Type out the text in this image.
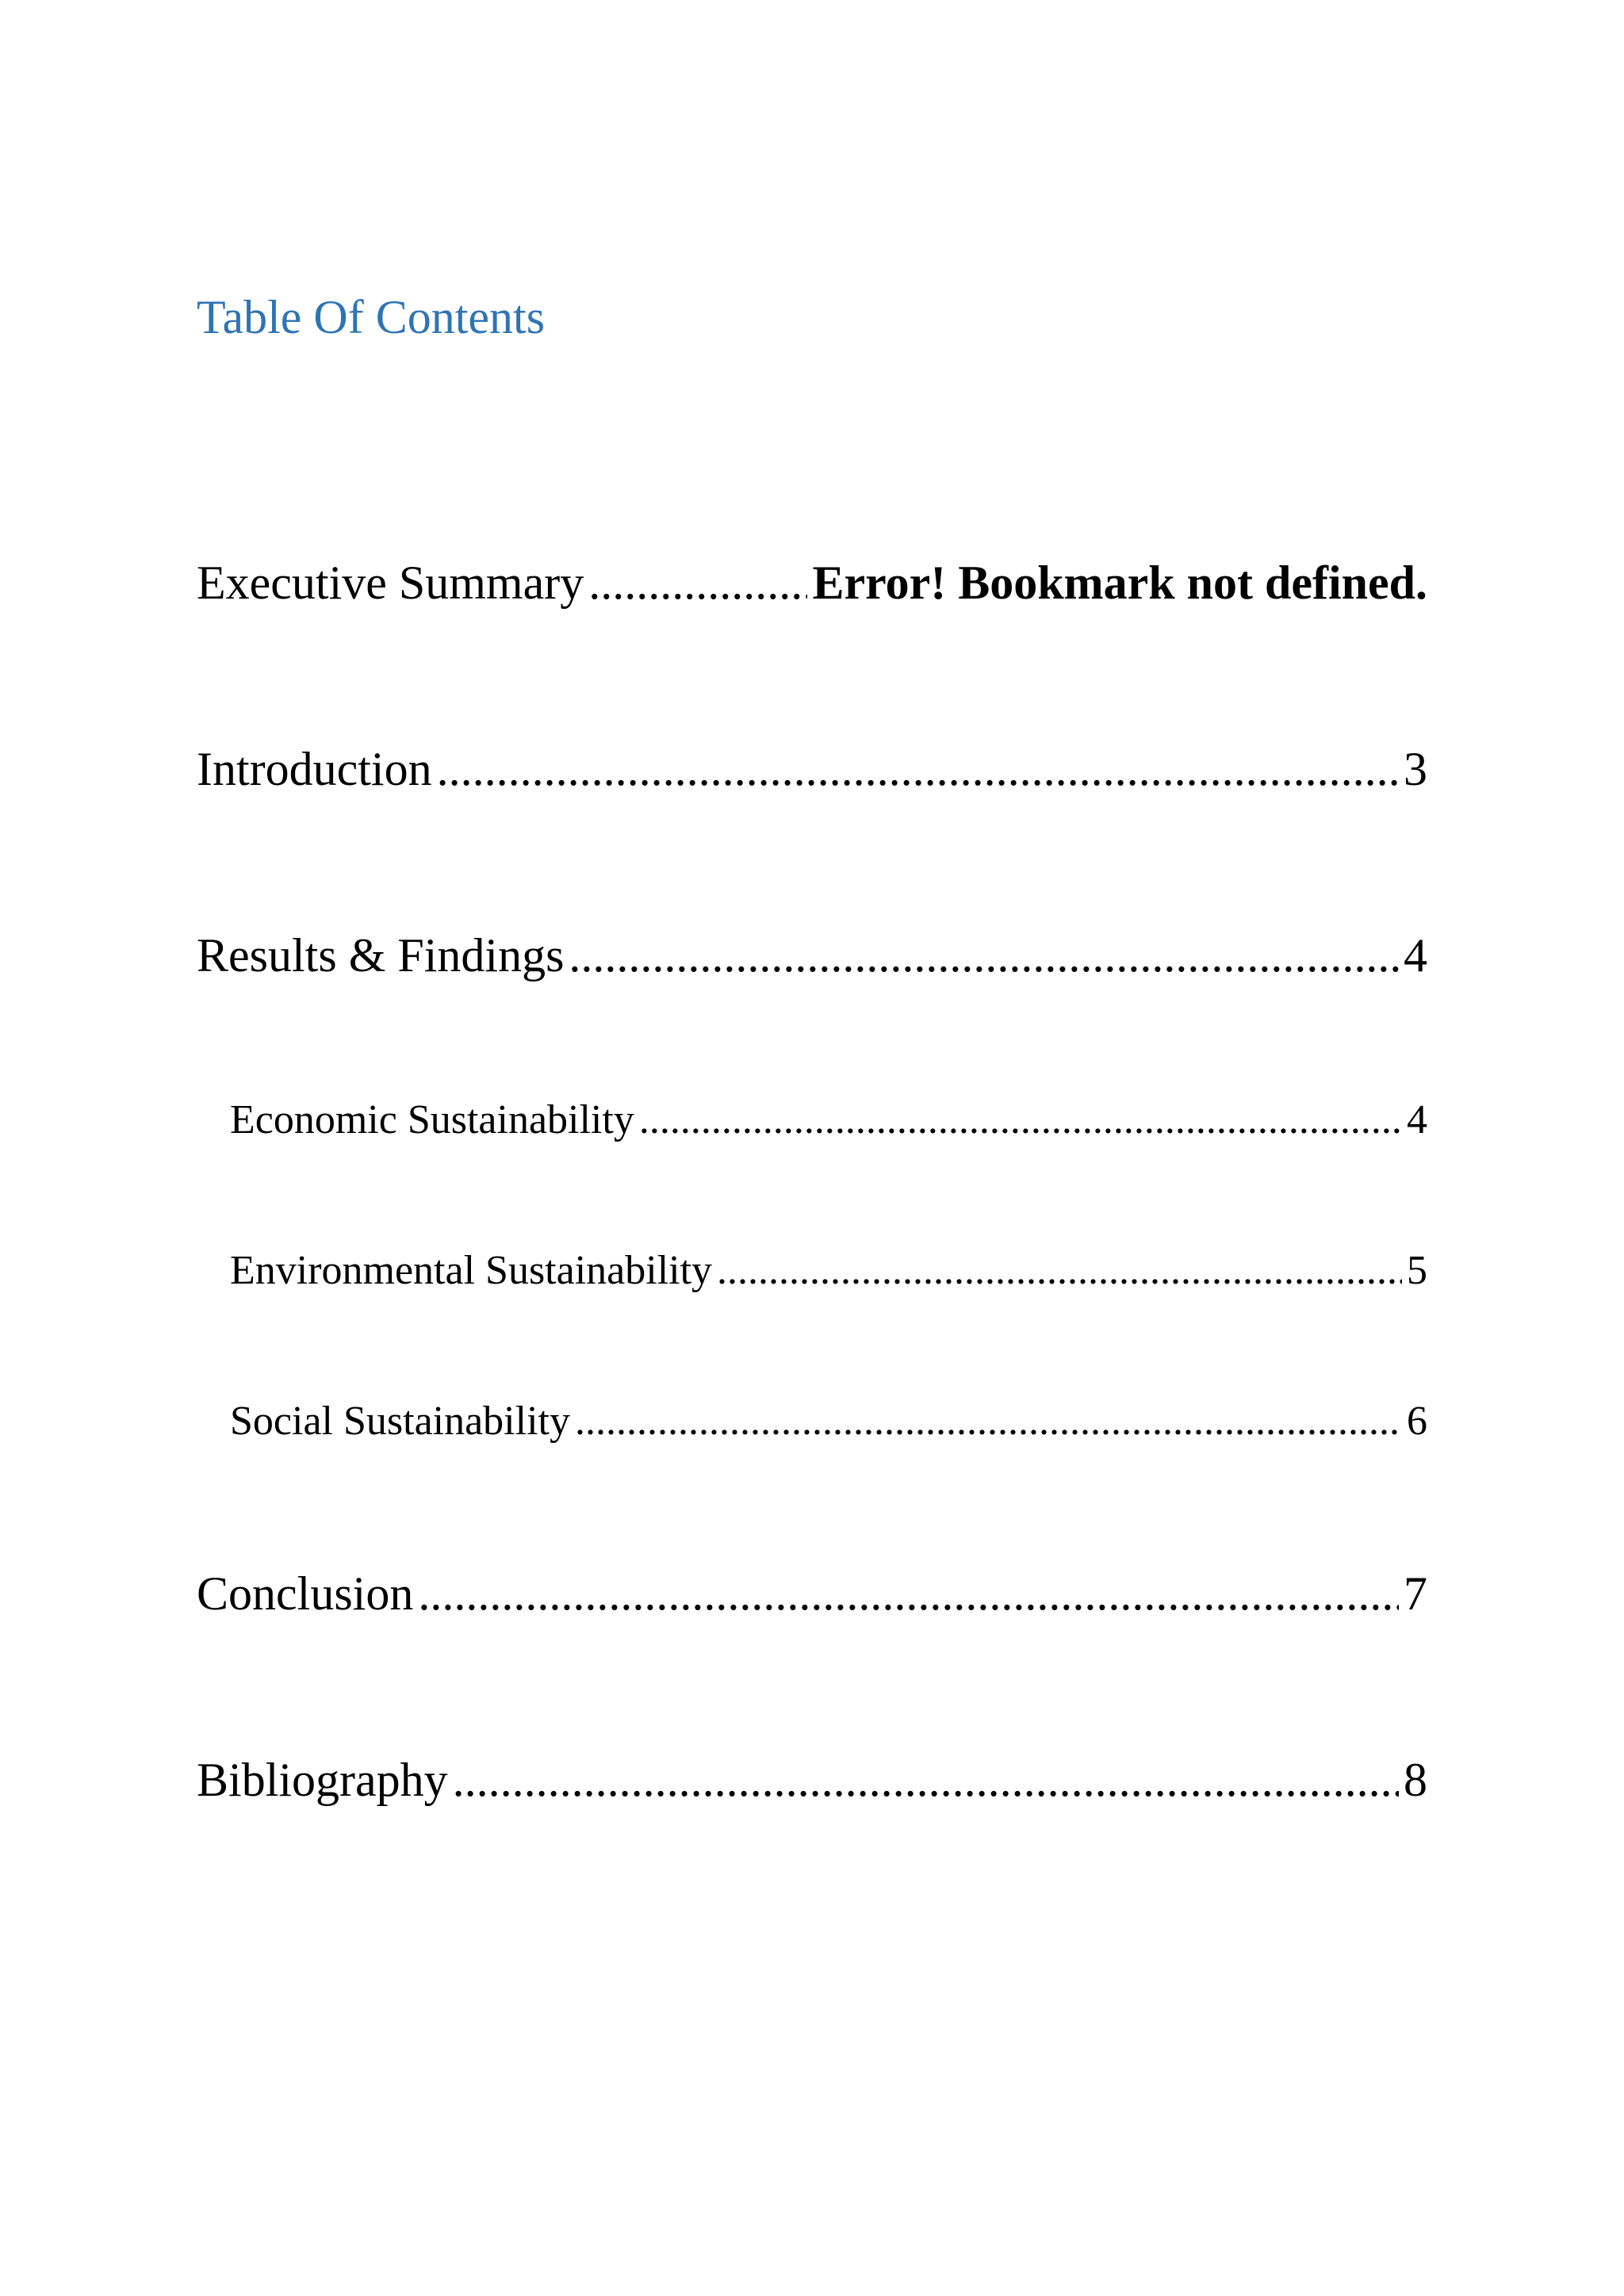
Table Of Contents
Executive Summary .....	Error! Bookmark not defined.
Introduction .....	3
Results & Findings .....	4
Economic Sustainability .....	4
Environmental Sustainability .....	5
Social Sustainability .....	6
Conclusion .....	7
Bibliography .....	8
